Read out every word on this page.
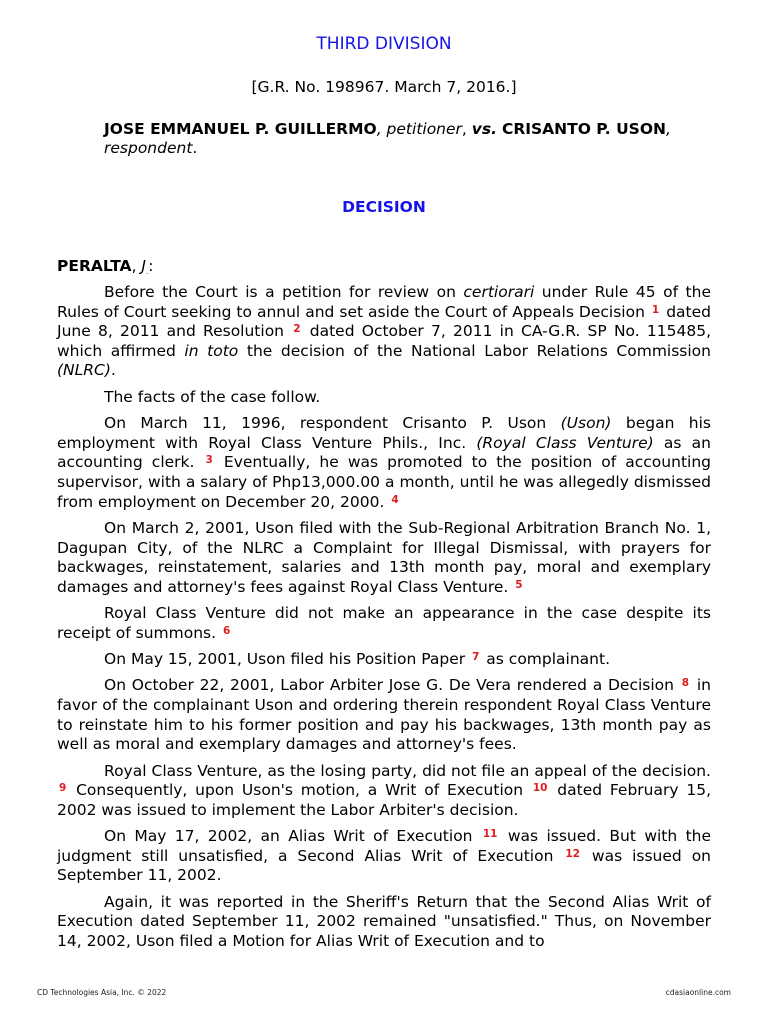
THIRD DIVISION
[G.R. No. 198967. March 7, 2016.]
JOSE EMMANUEL P. GUILLERMO, petitioner, vs. CRISANTO P. USON, respondent.
DECISION
PERALTA, J.:

Before the Court is a petition for review on certiorari under Rule 45 of the Rules of Court seeking to annul and set aside the Court of Appeals Decision $^1$ dated June 8, 2011 and Resolution $^2$ dated October 7, 2011 in CA-G.R. SP No. 115485, which affirmed in toto the decision of the National Labor Relations Commission (NLRC).

The facts of the case follow.

On March 11, 1996, respondent Crisanto P. Uson (Uson) began his employment with Royal Class Venture Phils., Inc. (Royal Class Venture) as an accounting clerk. $^3$ Eventually, he was promoted to the position of accounting supervisor, with a salary of Php13,000.00 a month, until he was allegedly dismissed from employment on December 20, 2000. $^4$

On March 2, 2001, Uson filed with the Sub-Regional Arbitration Branch No. 1, Dagupan City, of the NLRC a Complaint for Illegal Dismissal, with prayers for backwages, reinstatement, salaries and 13th month pay, moral and exemplary damages and attorney's fees against Royal Class Venture. $^5$

Royal Class Venture did not make an appearance in the case despite its receipt of summons. $^6$

On May 15, 2001, Uson filed his Position Paper $^7$ as complainant.

On October 22, 2001, Labor Arbiter Jose G. De Vera rendered a Decision $^8$ in favor of the complainant Uson and ordering therein respondent Royal Class Venture to reinstate him to his former position and pay his backwages, 13th month pay as well as moral and exemplary damages and attorney's fees.

Royal Class Venture, as the losing party, did not file an appeal of the decision. $^9$ Consequently, upon Uson's motion, a Writ of Execution $^{10}$ dated February 15, 2002 was issued to implement the Labor Arbiter's decision.

On May 17, 2002, an Alias Writ of Execution $^{11}$ was issued. But with the judgment still unsatisfied, a Second Alias Writ of Execution $^{12}$ was issued on September 11, 2002.

Again, it was reported in the Sheriff's Return that the Second Alias Writ of Execution dated September 11, 2002 remained "unsatisfied." Thus, on November 14, 2002, Uson filed a Motion for Alias Writ of Execution and to

CD Technologies Asia, Inc. © 2022	cdasiaonline.com
